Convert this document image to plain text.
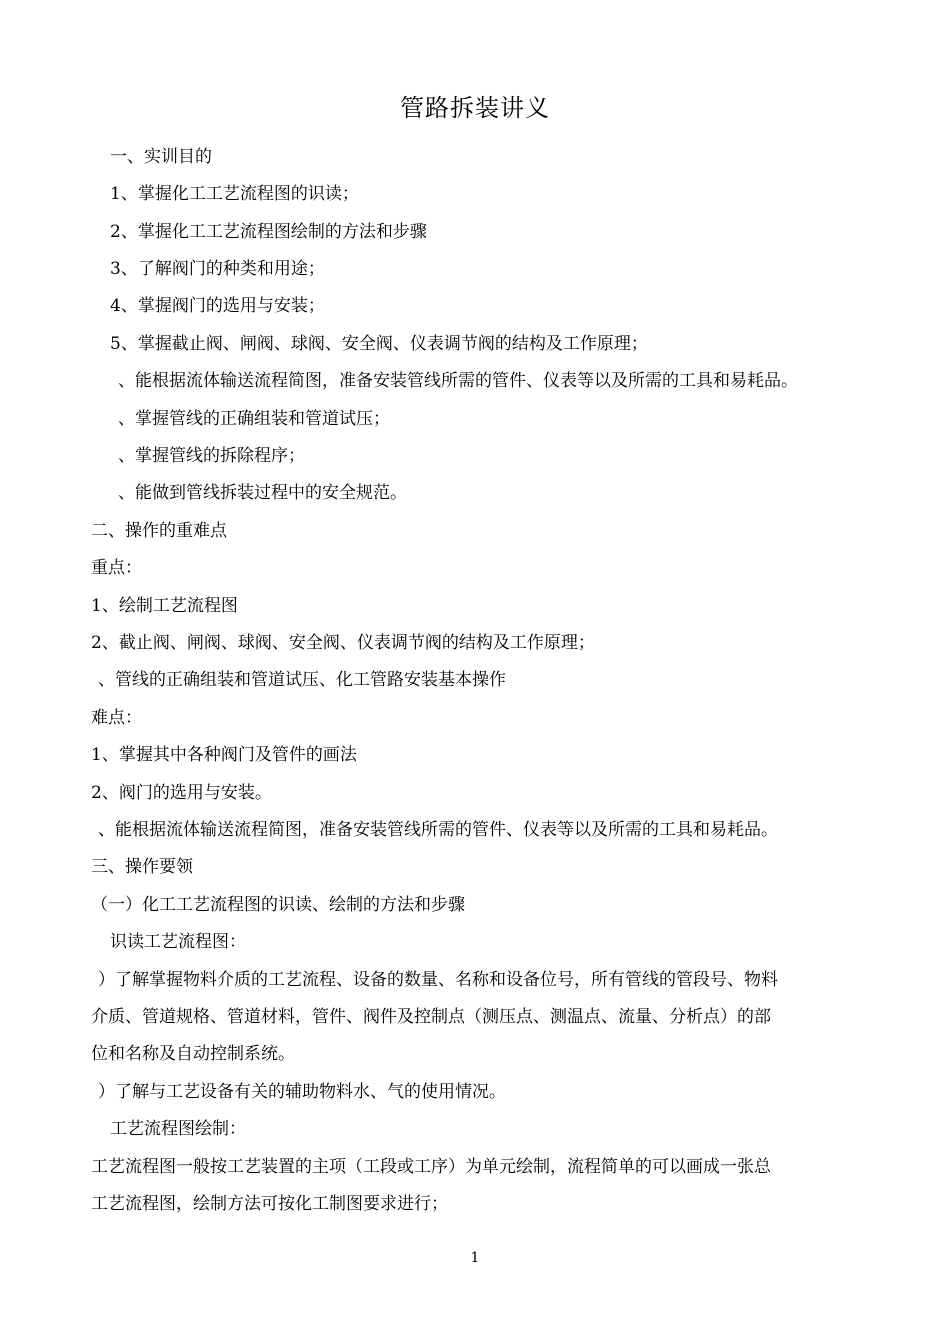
管路拆装讲义
一、实训目的
1、掌握化工工艺流程图的识读；
2、掌握化工工艺流程图绘制的方法和步骤
3、了解阀门的种类和用途；
4、掌握阀门的选用与安装；
5、掌握截止阀、闸阀、球阀、安全阀、仪表调节阀的结构及工作原理；
、能根据流体输送流程简图，准备安装管线所需的管件、仪表等以及所需的工具和易耗品。
、掌握管线的正确组装和管道试压；
、掌握管线的拆除程序；
、能做到管线拆装过程中的安全规范。
二、操作的重难点
重点：
1、绘制工艺流程图
2、截止阀、闸阀、球阀、安全阀、仪表调节阀的结构及工作原理；
、管线的正确组装和管道试压、化工管路安装基本操作
难点：
1、掌握其中各种阀门及管件的画法
2、阀门的选用与安装。
、能根据流体输送流程简图，准备安装管线所需的管件、仪表等以及所需的工具和易耗品。
三、操作要领
（一）化工工艺流程图的识读、绘制的方法和步骤
识读工艺流程图：
）了解掌握物料介质的工艺流程、设备的数量、名称和设备位号，所有管线的管段号、物料
介质、管道规格、管道材料，管件、阀件及控制点（测压点、测温点、流量、分析点）的部
位和名称及自动控制系统。
）了解与工艺设备有关的辅助物料水、气的使用情况。
工艺流程图绘制：
工艺流程图一般按工艺装置的主项（工段或工序）为单元绘制，流程简单的可以画成一张总
工艺流程图，绘制方法可按化工制图要求进行；
1
